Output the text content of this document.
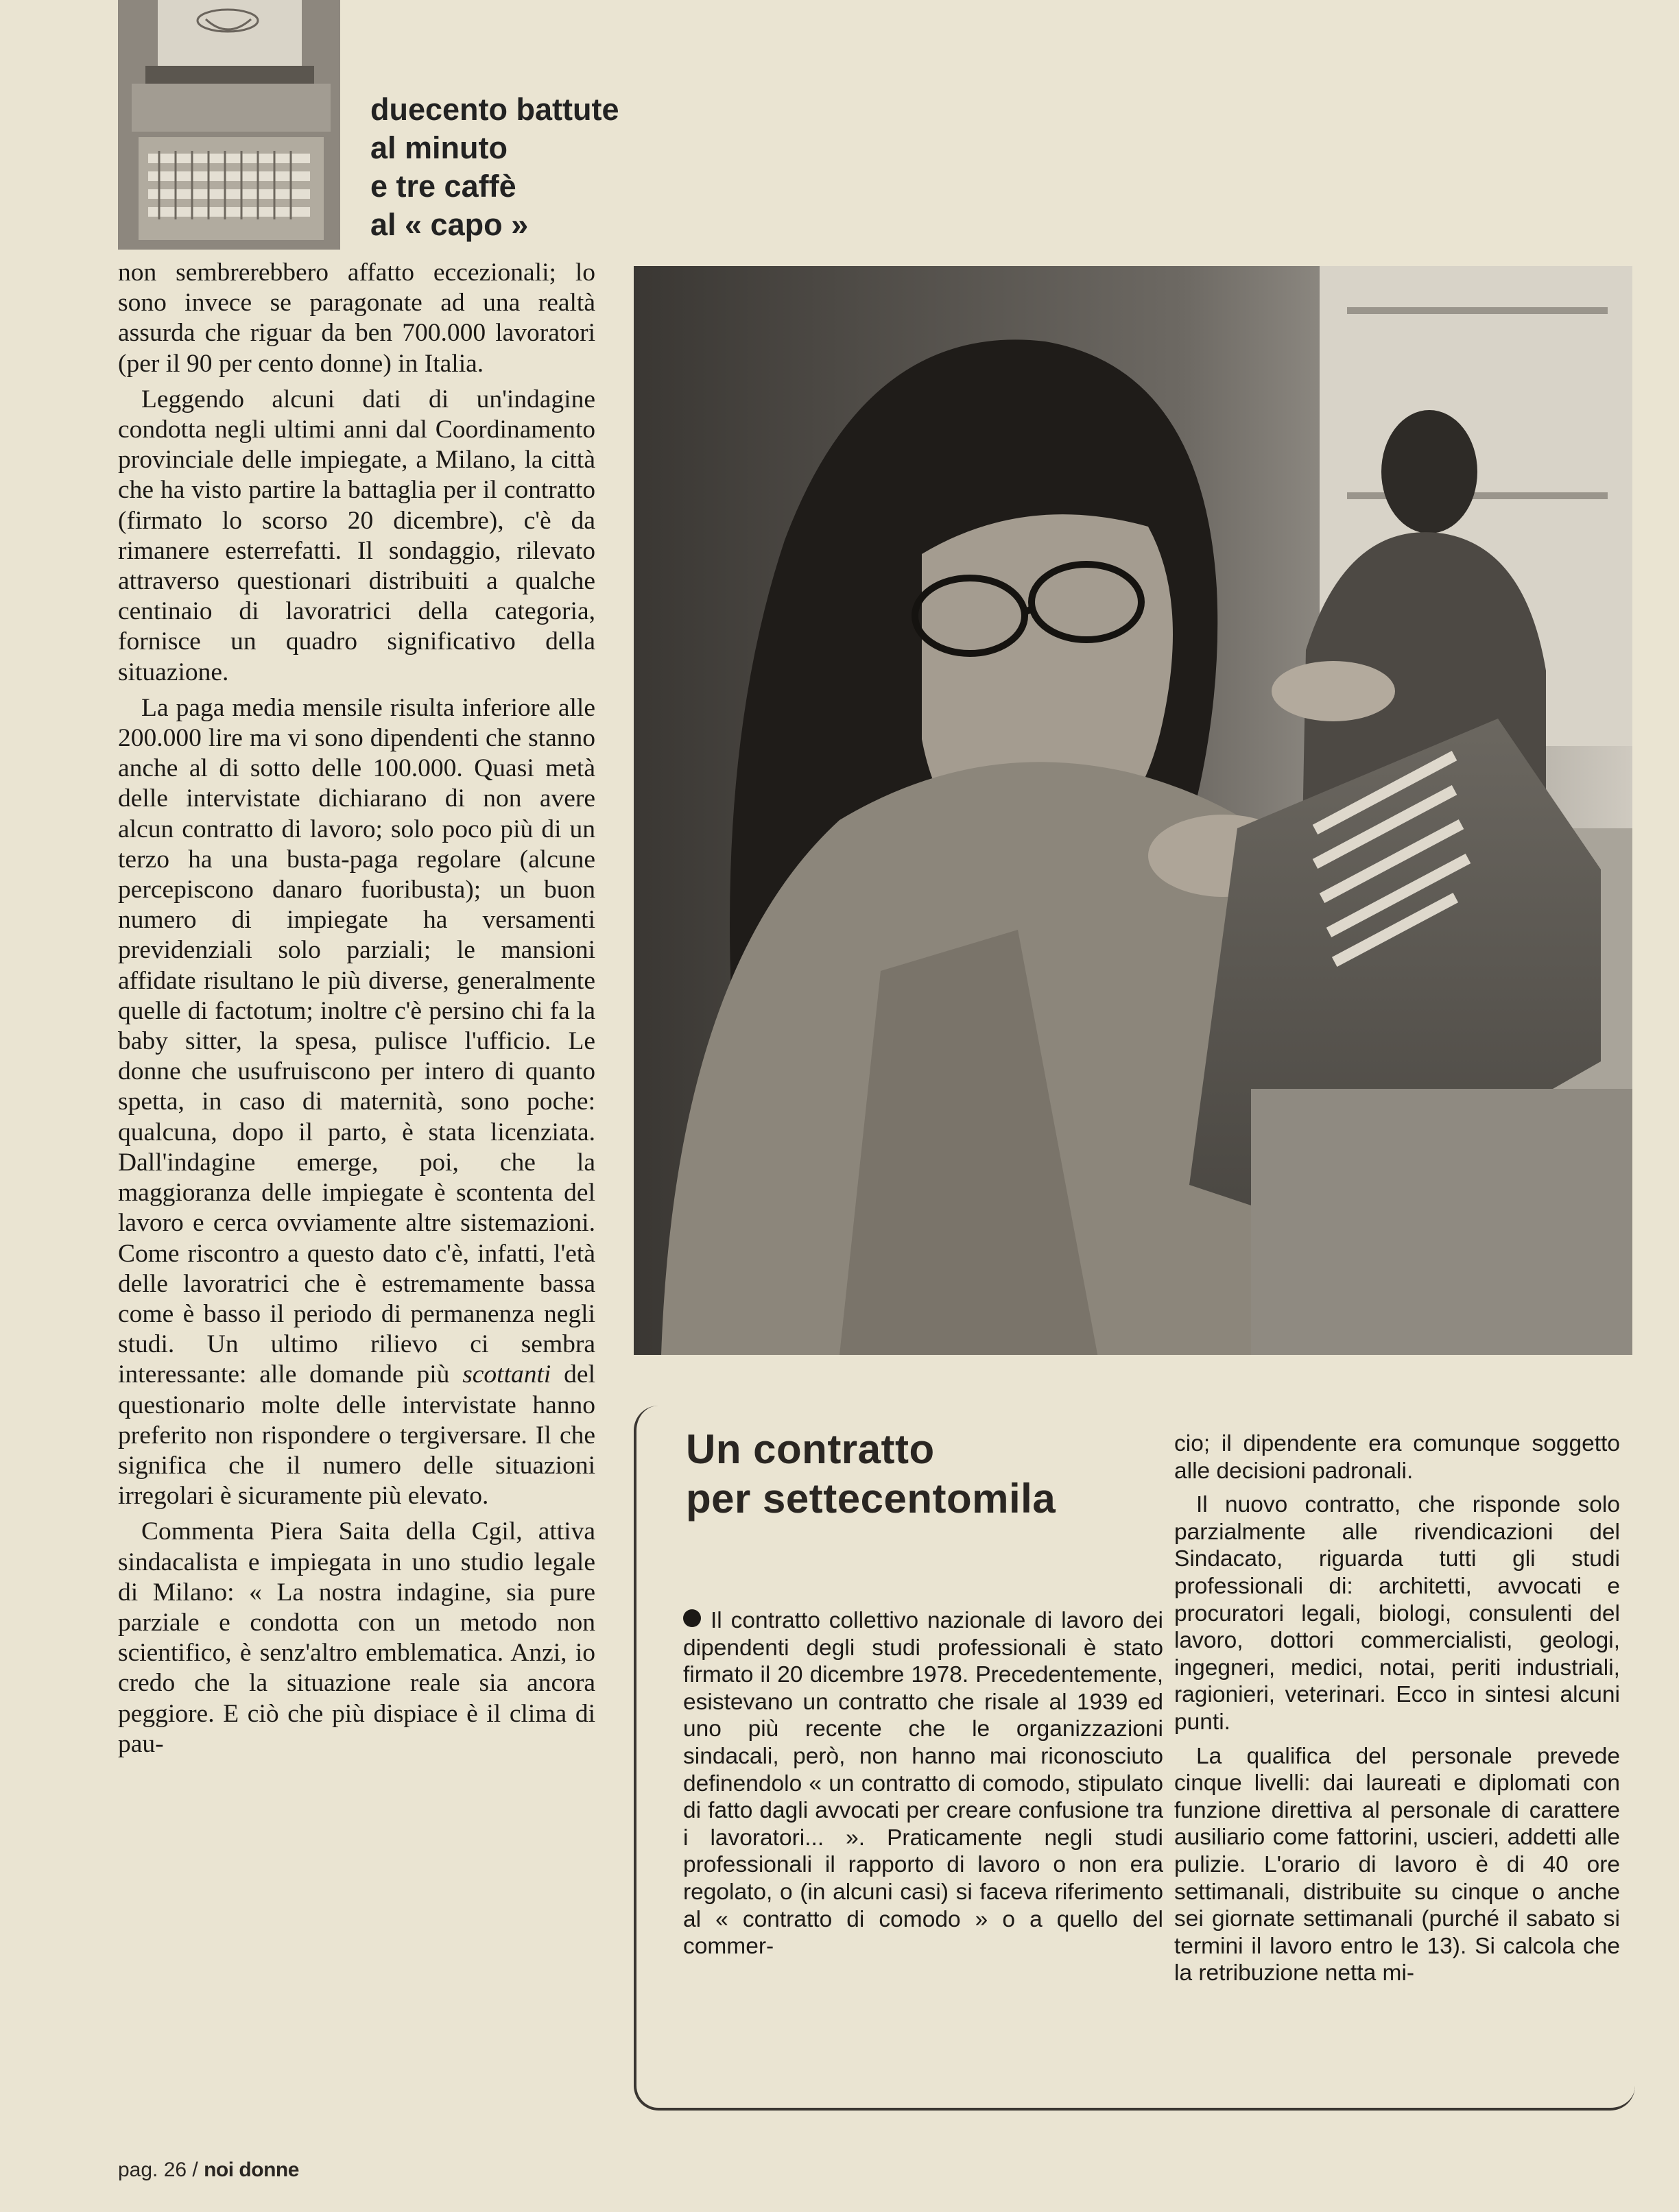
duecento battute
al minuto
e tre caffè
al « capo »

non sembrerebbero affatto eccezionali; lo sono invece se paragonate ad una realtà assurda che riguar da ben 700.000 lavoratori (per il 90 per cento donne) in Italia.

Leggendo alcuni dati di un'indagine condotta negli ultimi anni dal Coordinamento provinciale delle impiegate, a Milano, la città che ha visto partire la battaglia per il contratto (firmato lo scorso 20 dicembre), c'è da rimanere esterrefatti. Il sondaggio, rilevato attraverso questionari distribuiti a qualche centinaio di lavoratrici della categoria, fornisce un quadro significativo della situazione.

La paga media mensile risulta inferiore alle 200.000 lire ma vi sono dipendenti che stanno anche al di sotto delle 100.000. Quasi metà delle intervistate dichiarano di non avere alcun contratto di lavoro; solo poco più di un terzo ha una busta-paga regolare (alcune percepiscono danaro fuoribusta); un buon numero di impiegate ha versamenti previdenziali solo parziali; le mansioni affidate risultano le più diverse, generalmente quelle di factotum; inoltre c'è persino chi fa la baby sitter, la spesa, pulisce l'ufficio. Le donne che usufruiscono per intero di quanto spetta, in caso di maternità, sono poche: qualcuna, dopo il parto, è stata licenziata. Dall'indagine emerge, poi, che la maggioranza delle impiegate è scontenta del lavoro e cerca ovviamente altre sistemazioni. Come riscontro a questo dato c'è, infatti, l'età delle lavoratrici che è estremamente bassa come è basso il periodo di permanenza negli studi. Un ultimo rilievo ci sembra interessante: alle domande più scottanti del questionario molte delle intervistate hanno preferito non rispondere o tergiversare. Il che significa che il numero delle situazioni irregolari è sicuramente più elevato.

Commenta Piera Saita della Cgil, attiva sindacalista e impiegata in uno studio legale di Milano: « La nostra indagine, sia pure parziale e condotta con un metodo non scientifico, è senz'altro emblematica. Anzi, io credo che la situazione reale sia ancora peggiore. E ciò che più dispiace è il clima di pau-

Un contratto
per settecentomila

Il contratto collettivo nazionale di lavoro dei dipendenti degli studi professionali è stato firmato il 20 dicembre 1978. Precedentemente, esistevano un contratto che risale al 1939 ed uno più recente che le organizzazioni sindacali, però, non hanno mai riconosciuto definendolo « un contratto di comodo, stipulato di fatto dagli avvocati per creare confusione tra i lavoratori... ». Praticamente negli studi professionali il rapporto di lavoro o non era regolato, o (in alcuni casi) si faceva riferimento al « contratto di comodo » o a quello del commer-

cio; il dipendente era comunque soggetto alle decisioni padronali.

Il nuovo contratto, che risponde solo parzialmente alle rivendicazioni del Sindacato, riguarda tutti gli studi professionali di: architetti, avvocati e procuratori legali, biologi, consulenti del lavoro, dottori commercialisti, geologi, ingegneri, medici, notai, periti industriali, ragionieri, veterinari. Ecco in sintesi alcuni punti.

La qualifica del personale prevede cinque livelli: dai laureati e diplomati con funzione direttiva al personale di carattere ausiliario come fattorini, uscieri, addetti alle pulizie. L'orario di lavoro è di 40 ore settimanali, distribuite su cinque o anche sei giornate settimanali (purché il sabato si termini il lavoro entro le 13). Si calcola che la retribuzione netta mi-

pag. 26 / noi donne
